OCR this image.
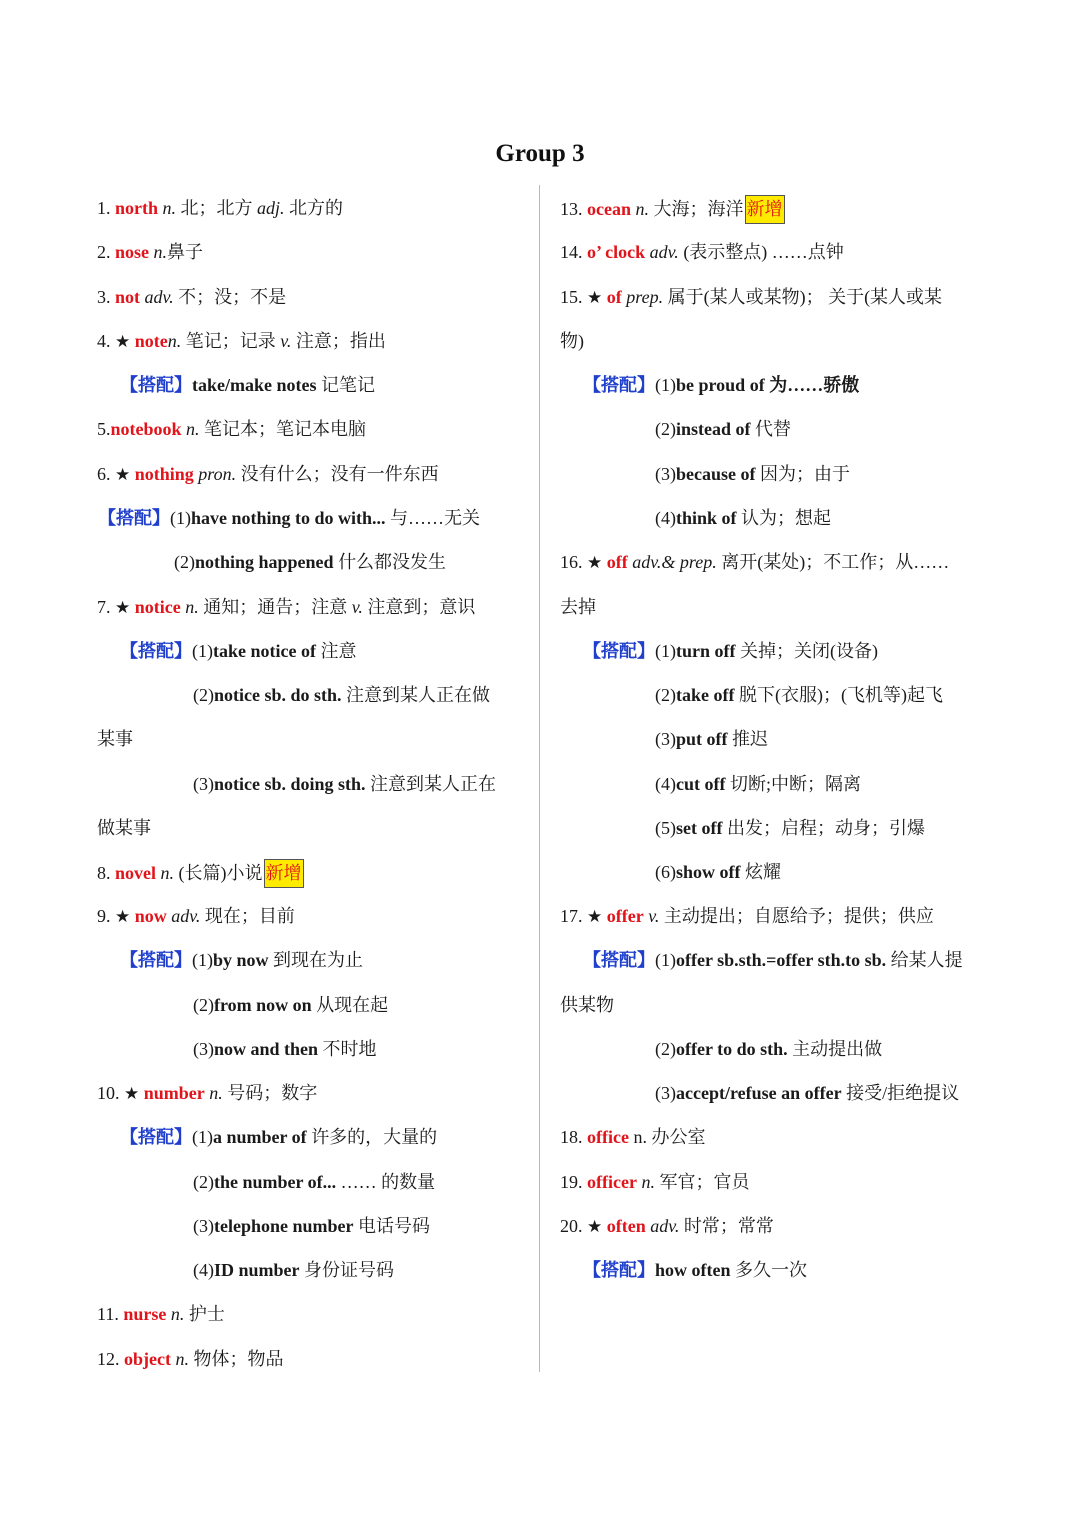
Group 3
1. north n. 北；北方 adj. 北方的
2. nose n.鼻子
3. not adv. 不；没；不是
4. ★ noten. 笔记；记录 v. 注意；指出
【搭配】take/make notes 记笔记
5.notebook n. 笔记本；笔记本电脑
6. ★ nothing pron. 没有什么；没有一件东西
【搭配】(1)have nothing to do with... 与……无关
(2)nothing happened 什么都没发生
7. ★ notice n. 通知；通告；注意 v. 注意到；意识
【搭配】(1)take notice of 注意
(2)notice sb. do sth. 注意到某人正在做
某事
(3)notice sb. doing sth. 注意到某人正在
做某事
8. novel n. (长篇)小说 新增
9. ★ now adv. 现在；目前
【搭配】(1)by now 到现在为止
(2)from now on 从现在起
(3)now and then 不时地
10. ★ number n. 号码；数字
【搭配】(1)a number of 许多的，大量的
(2)the number of... …… 的数量
(3)telephone number 电话号码
(4)ID number 身份证号码
11. nurse n. 护士
12. object n. 物体；物品
13. ocean n. 大海；海洋 新增
14. o’ clock adv. (表示整点) ……点钟
15. ★ of prep. 属于(某人或某物)； 关于(某人或某
物)
【搭配】(1)be proud of 为……骄傲
(2)instead of 代替
(3)because of 因为；由于
(4)think of 认为；想起
16. ★ off adv.& prep. 离开(某处)；不工作；从……
去掉
【搭配】(1)turn off 关掉；关闭(设备)
(2)take off 脱下(衣服)；(飞机等)起飞
(3)put off 推迟
(4)cut off 切断;中断；隔离
(5)set off 出发；启程；动身；引爆
(6)show off 炫耀
17. ★ offer v. 主动提出；自愿给予；提供；供应
【搭配】(1)offer sb.sth.=offer sth.to sb. 给某人提
供某物
(2)offer to do sth. 主动提出做
(3)accept/refuse an offer 接受/拒绝提议
18. office n. 办公室
19. officer n. 军官；官员
20. ★ often adv. 时常；常常
【搭配】how often 多久一次
